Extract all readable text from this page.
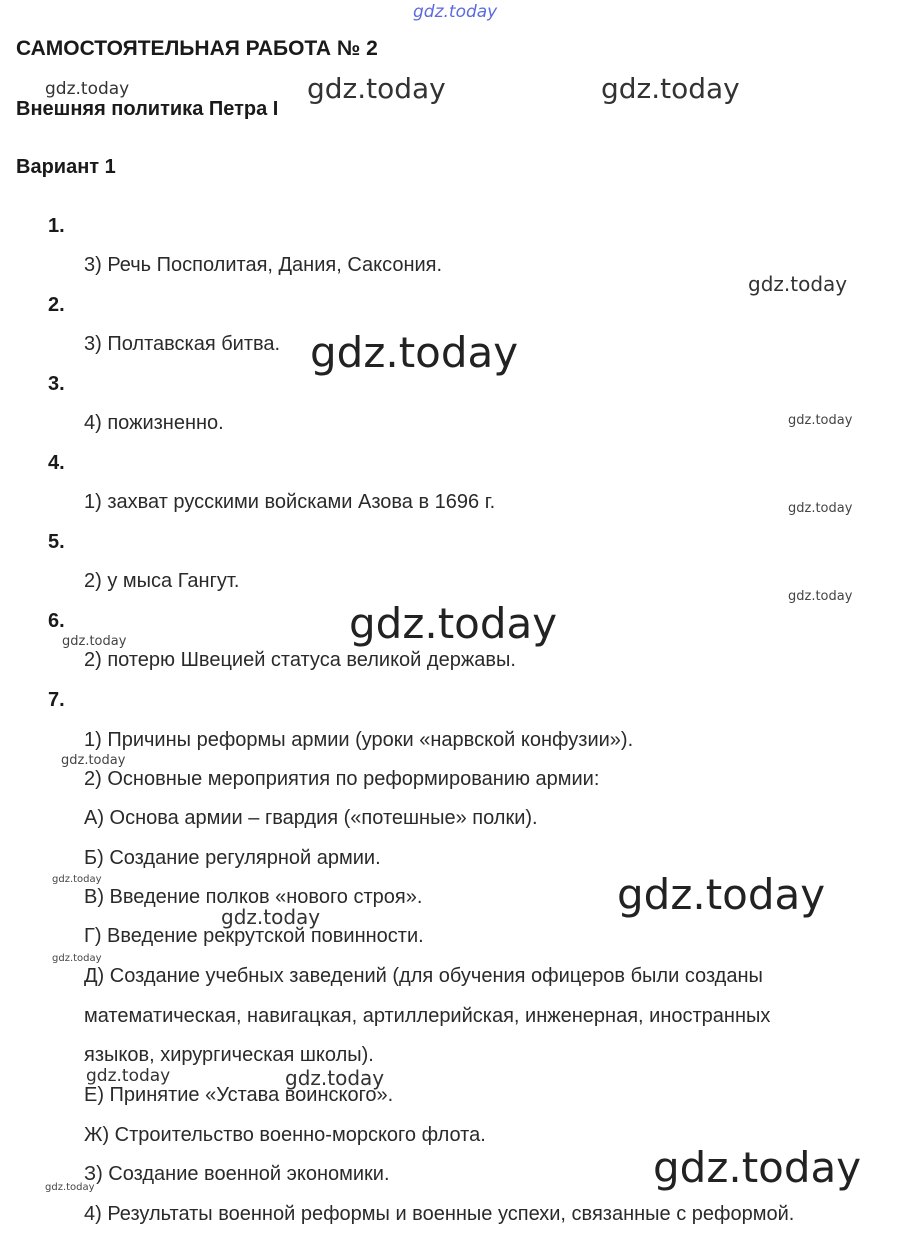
САМОСТОЯТЕЛЬНАЯ РАБОТА № 2
Внешняя политика Петра I
Вариант 1
1.
3) Речь Посполитая, Дания, Саксония.
2.
3) Полтавская битва.
3.
4) пожизненно.
4.
1) захват русскими войсками Азова в 1696 г.
5.
2) у мыса Гангут.
6.
2) потерю Швецией статуса великой державы.
7.
1) Причины реформы армии (уроки «нарвской конфузии»).
2) Основные мероприятия по реформированию армии:
А) Основа армии – гвардия («потешные» полки).
Б) Создание регулярной армии.
В) Введение полков «нового строя».
Г) Введение рекрутской повинности.
Д) Создание учебных заведений (для обучения офицеров были созданы
математическая, навигацкая, артиллерийская, инженерная, иностранных
языков, хирургическая школы).
Е) Принятие «Устава воинского».
Ж) Строительство военно-морского флота.
З) Создание военной экономики.
4) Результаты военной реформы и военные успехи, связанные с реформой.
gdz.today
gdz.today	gdz.today	gdz.today
gdz.today
gdz.today
gdz.today
gdz.today
gdz.today
gdz.today
gdz.today
gdz.today
gdz.today	gdz.today
gdz.today
gdz.today
gdz.today	gdz.today
gdz.today
gdz.today
